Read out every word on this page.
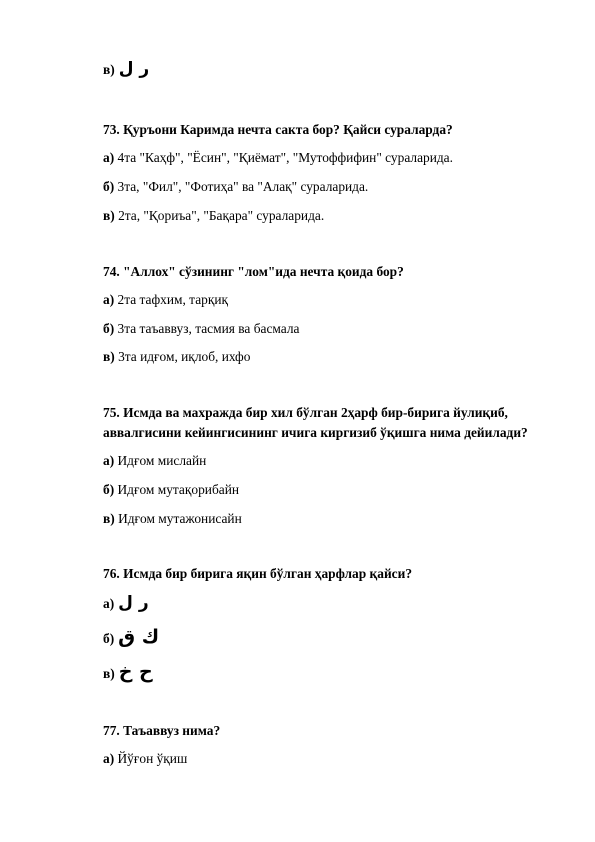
в) ر ل
73. Қуръони Каримда нечта сакта бор? Қайси сураларда?
а) 4та "Каҳф", "Ёсин", "Қиёмат", "Мутоффифин" сураларида.
б) 3та, "Фил", "Фотиҳа" ва "Алақ" сураларида.
в) 2та, "Қориъа", "Бақара" сураларида.
74. "Аллох" сўзининг "лом"ида нечта қоида бор?
а) 2та тафхим, тарқиқ
б) 3та таъаввуз, тасмия ва басмала
в) 3та идғом, иқлоб, ихфо
75. Исмда ва махражда бир хил бўлган 2ҳарф бир-бирига йулиқиб,
аввалгисини кейингисининг ичига киргизиб ўқишга нима дейилади?
а) Идғом мислайн
б) Идғом мутақорибайн
в) Идғом мутажонисайн
76. Исмда бир бирига яқин бўлган ҳарфлар қайси?
а) ر ل
б) ك ق
в) ح خ
77. Таъаввуз нима?
а) Йўғон ўқиш
